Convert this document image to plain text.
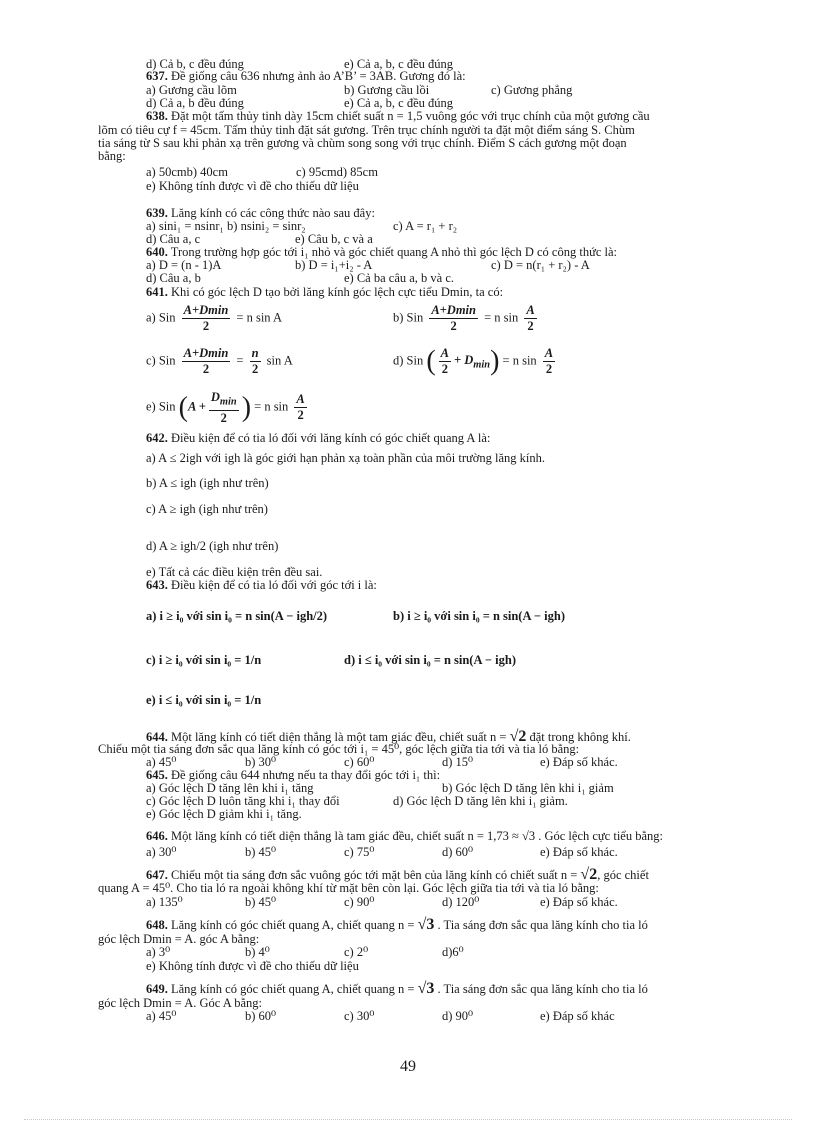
d) Cả b, c đều đúng	e) Cả a, b, c đều đúng
637. Đề giống câu 636 nhưng ảnh ảo A’B’ = 3AB. Gương đó là:
a) Gương cầu lõm	b) Gương cầu lồi	c) Gương phẳng
d) Cả a, b đều đúng	e) Cả a, b, c đều đúng
638. Đặt một tấm thủy tinh dày 15cm chiết suất n = 1,5 vuông góc với trục chính của một gương cầu
lõm có tiêu cự f = 45cm. Tấm thủy tinh đặt sát gương. Trên trục chính người ta đặt một điểm sáng S. Chùm
tia sáng từ S sau khi phản xạ trên gương và chùm song song với trục chính. Điểm S cách gương một đoạn
bằng:
a) 50cmb) 40cm	c) 95cmd) 85cm
e) Không tính được vì đề cho thiếu dữ liệu
639. Lăng kính có các công thức nào sau đây:
a) sini₁ = nsinr₁ b) nsini₂ = sinr₂	c) A = r₁ + r₂
d) Câu a, c	e) Câu b, c và a
640. Trong trường hợp góc tới i₁ nhỏ và góc chiết quang A nhỏ thì góc lệch D có công thức là:
a) D = (n - 1)A	b) D = i₁+i₂ - A	c) D = n(r₁ + r₂) - A
d) Câu a, b	e) Cả ba câu a, b và c.
641. Khi có góc lệch D tạo bởi lăng kính góc lệch cực tiểu Dmin, ta có:
a) Sin $\frac{A+Dmin}{2} = n$ sin A	b) Sin $\frac{A+Dmin}{2} = n$ $\sin \frac{A}{2}$
c) Sin $\frac{A+Dmin}{2} = \frac{n}{2}$ sin A	d) Sin ( $\frac{A}{2} + D_{min}) = n$ $\sin \frac{A}{2}$
e) Sin ($A + \frac{D_{min}}{2}$ ) = n $\sin \frac{A}{2}$
642. Điều kiện để có tia ló đối với lăng kính có góc chiết quang A là:
a) A ≤ 2igh với igh là góc giới hạn phản xạ toàn phần của môi trường lăng kính.
b) A ≤ igh (igh như trên)
c) A ≥ igh (igh như trên)
d) A ≥ igh/2 (igh như trên)
e) Tất cả các điều kiện trên đều sai.
643. Điều kiện để có tia ló đối với góc tới i là:
a) i ≥ i₀ với sin i₀ = n sin(A − igh/2)	b) i ≥ i₀ với sin i₀ = n sin(A − igh)
c) i ≥ i₀ với sin i₀ = 1/n	d) i ≤ i₀ với sin i₀ = n sin(A − igh)
e) i ≤ i₀ với sin i₀ = 1/n
644. Một lăng kính có tiết diện thẳng là một tam giác đều, chiết suất n = √2 đặt trong không khí.
Chiếu một tia sáng đơn sắc qua lăng kính có góc tới i₁ = 45⁰, góc lệch giữa tia tới và tia ló bằng:
a) 45⁰	b) 30⁰	c) 60⁰	d) 15⁰	e) Đáp số khác.
645. Đề giống câu 644 nhưng nếu ta thay đổi góc tới i₁ thì:
a) Góc lệch D tăng lên khi i₁ tăng	b) Góc lệch D tăng lên khi i₁ giảm
c) Góc lệch D luôn tăng khi i₁ thay đổi	d) Góc lệch D tăng lên khi i₁ giảm.
e) Góc lệch D giảm khi i₁ tăng.
646. Một lăng kính có tiết diện thẳng là tam giác đều, chiết suất n = 1,73 ≈ √3 . Góc lệch cực tiểu bằng:
a) 30⁰	b) 45⁰	c) 75⁰	d) 60⁰	e) Đáp số khác.
647. Chiếu một tia sáng đơn sắc vuông góc tới mặt bên của lăng kính có chiết suất n = √2, góc chiết
quang A = 45⁰. Cho tia ló ra ngoài không khí từ mặt bên còn lại. Góc lệch giữa tia tới và tia ló bằng:
a) 135⁰	b) 45⁰	c) 90⁰	d) 120⁰	e) Đáp số khác.
648. Lăng kính có góc chiết quang A, chiết quang n = √3 . Tia sáng đơn sắc qua lăng kính cho tia ló
góc lệch Dmin = A. góc A bằng:
a) 3⁰	b) 4⁰	c) 2⁰	d)6⁰
e) Không tính được vì đề cho thiếu dữ liệu
649. Lăng kính có góc chiết quang A, chiết quang n = √3 . Tia sáng đơn sắc qua lăng kính cho tia ló
góc lệch Dmin = A. Góc A bằng:
a) 45⁰	b) 60⁰	c) 30⁰	d) 90⁰	e) Đáp số khác
49
